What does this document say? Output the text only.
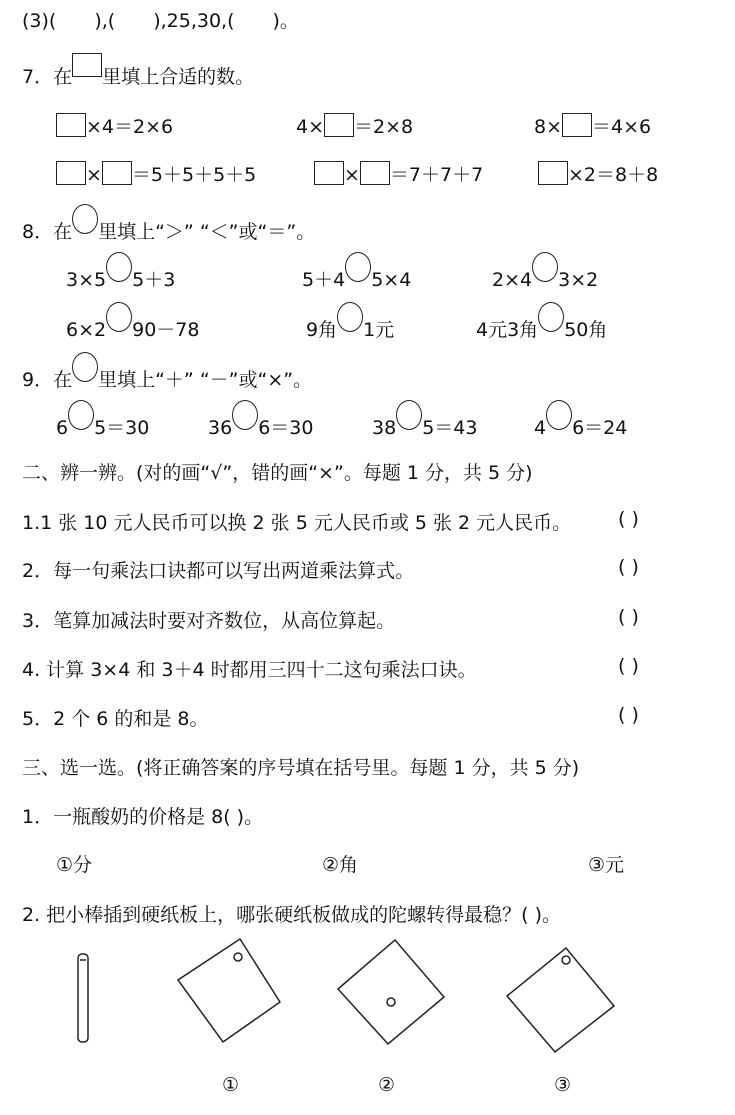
(3)( ),( ),25,30,( )。
7．在 里填上合适的数。
×4＝2×6	4× ＝2×8	8× ＝4×6
× ＝5＋5＋5＋5	× ＝7＋7＋7	×2＝8＋8
8．在 里填上“＞” “＜”或“＝”。
3×5 5＋3	5＋4 5×4	2×4 3×2
6×2 90－78	9角 1元	4元3角 50角
9．在 里填上“＋” “－”或“×”。
6 5＝30	36 6＝30	38 5＝43	4 6＝24
二、辨一辨。(对的画“√”，错的画“×”。每题 1 分，共 5 分)
1.1 张 10 元人民币可以换 2 张 5 元人民币或 5 张 2 元人民币。 ( )
2．每一句乘法口诀都可以写出两道乘法算式。	( )
3．笔算加减法时要对齐数位，从高位算起。	( )
4. 计算 3×4 和 3＋4 时都用三四十二这句乘法口诀。	( )
5．2 个 6 的和是 8。	( )
三、选一选。(将正确答案的序号填在括号里。每题 1 分，共 5 分)
1．一瓶酸奶的价格是 8( )。
①分	②角	③元
2. 把小棒插到硬纸板上，哪张硬纸板做成的陀螺转得最稳？( )。
①	②	③
